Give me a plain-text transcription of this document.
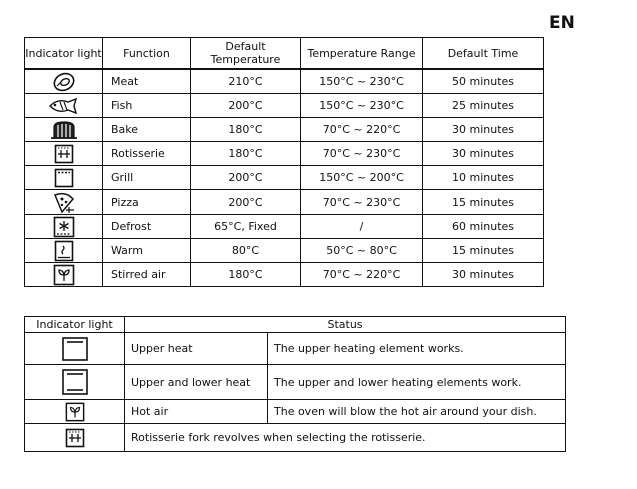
EN
Indicator light	Function	Default Temperature	Temperature Range	Default Time
	Meat	210°C	150°C ~ 230°C	50 minutes
	Fish	200°C	150°C ~ 230°C	25 minutes
	Bake	180°C	70°C ~ 220°C	30 minutes
	Rotisserie	180°C	70°C ~ 230°C	30 minutes
	Grill	200°C	150°C ~ 200°C	10 minutes
	Pizza	200°C	70°C ~ 230°C	15 minutes
	Defrost	65°C, Fixed	/	60 minutes
	Warm	80°C	50°C ~ 80°C	15 minutes
	Stirred air	180°C	70°C ~ 220°C	30 minutes
Indicator light	Status	
	Upper heat	The upper heating element works.
	Upper and lower heat	The upper and lower heating elements work.
	Hot air	The oven will blow the hot air around your dish.
	Rotisserie fork revolves when selecting the rotisserie.	
